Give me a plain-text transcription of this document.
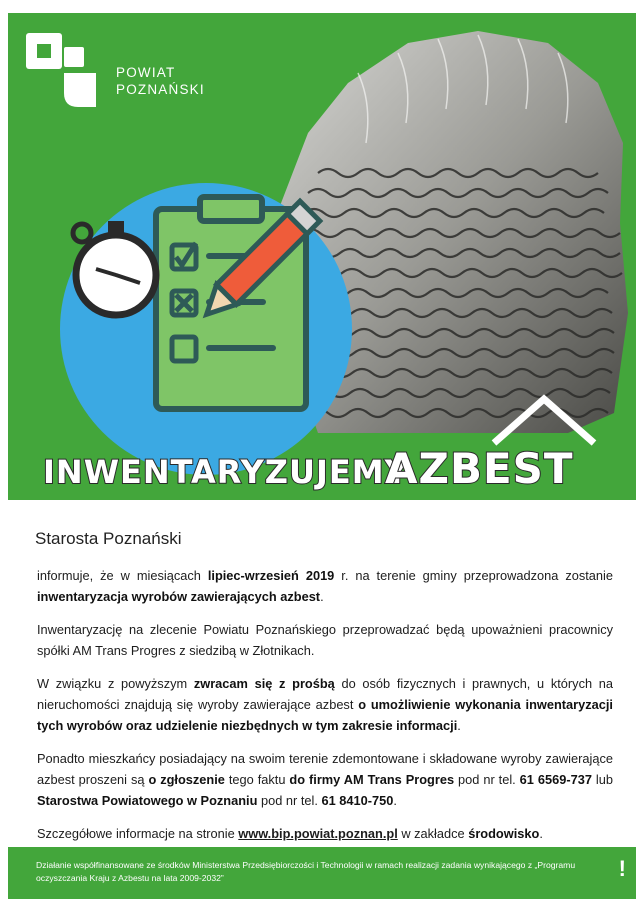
POWIAT
POZNAŃSKI
INWENTARYZUJEMY
AZBEST
Starosta Poznański

informuje, że w miesiącach lipiec-wrzesień 2019 r. na terenie gminy przeprowadzona zostanie inwentaryzacja wyrobów zawierających azbest.

Inwentaryzację na zlecenie Powiatu Poznańskiego przeprowadzać będą upoważnieni pracownicy spółki AM Trans Progres z siedzibą w Złotnikach.

W związku z powyższym zwracam się z prośbą do osób fizycznych i prawnych, u których na nieruchomości znajdują się wyroby zawierające azbest o umożliwienie wykonania inwentaryzacji tych wyrobów oraz udzielenie niezbędnych w tym zakresie informacji.

Ponadto mieszkańcy posiadający na swoim terenie zdemontowane i składowane wyroby zawierające azbest proszeni są o zgłoszenie tego faktu do firmy AM Trans Progres pod nr tel. 61 6569-737 lub Starostwa Powiatowego w Poznaniu pod nr tel. 61 8410-750.

Szczegółowe informacje na stronie www.bip.powiat.poznan.pl w zakładce środowisko.

Działanie współfinansowane ze środków Ministerstwa Przedsiębiorczości i Technologii w ramach realizacji zadania wynikającego z „Programu oczyszczania Kraju z Azbestu na lata 2009-2032”	!
